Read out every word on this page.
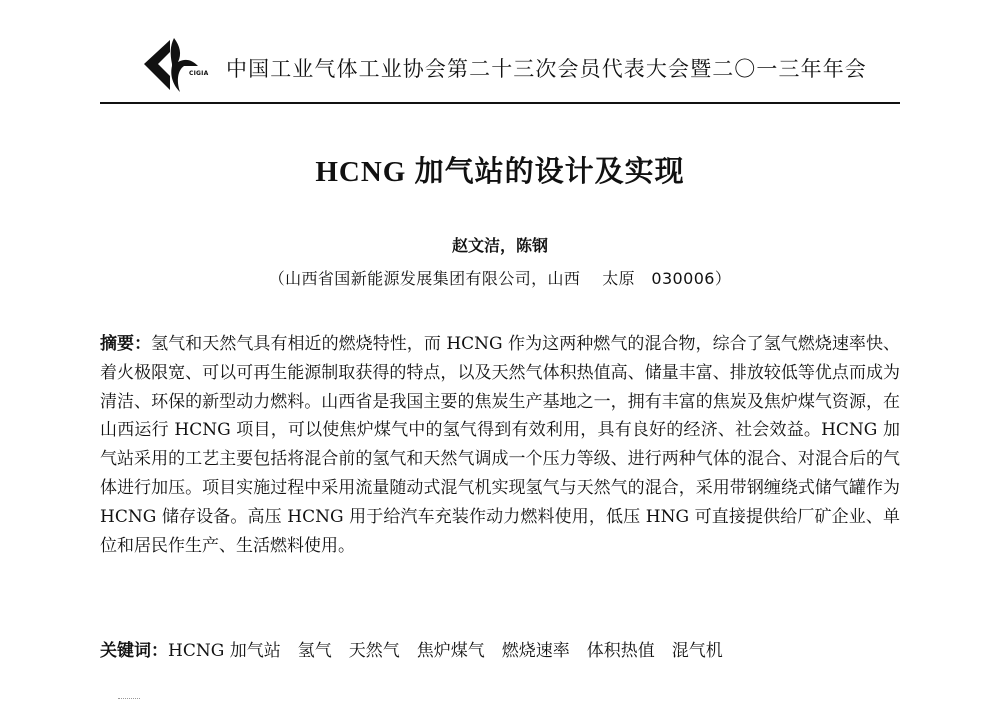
CIGIA 中国工业气体工业协会第二十三次会员代表大会暨二〇一三年年会
HCNG 加气站的设计及实现
赵文洁，陈钢
（山西省国新能源发展集团有限公司，山西　 太原　030006）

摘要：氢气和天然气具有相近的燃烧特性，而 HCNG 作为这两种燃气的混合物，综合了氢气燃烧速率快、着火极限宽、可以可再生能源制取获得的特点，以及天然气体积热值高、储量丰富、排放较低等优点而成为清洁、环保的新型动力燃料。山西省是我国主要的焦炭生产基地之一，拥有丰富的焦炭及焦炉煤气资源，在山西运行 HCNG 项目，可以使焦炉煤气中的氢气得到有效利用，具有良好的经济、社会效益。HCNG 加气站采用的工艺主要包括将混合前的氢气和天然气调成一个压力等级、进行两种气体的混合、对混合后的气体进行加压。项目实施过程中采用流量随动式混气机实现氢气与天然气的混合，采用带钢缠绕式储气罐作为 HCNG 储存设备。高压 HCNG 用于给汽车充装作动力燃料使用，低压 HNG 可直接提供给厂矿企业、单位和居民作生产、生活燃料使用。

关键词：HCNG 加气站　氢气　天然气　焦炉煤气　燃烧速率　体积热值　混气机
